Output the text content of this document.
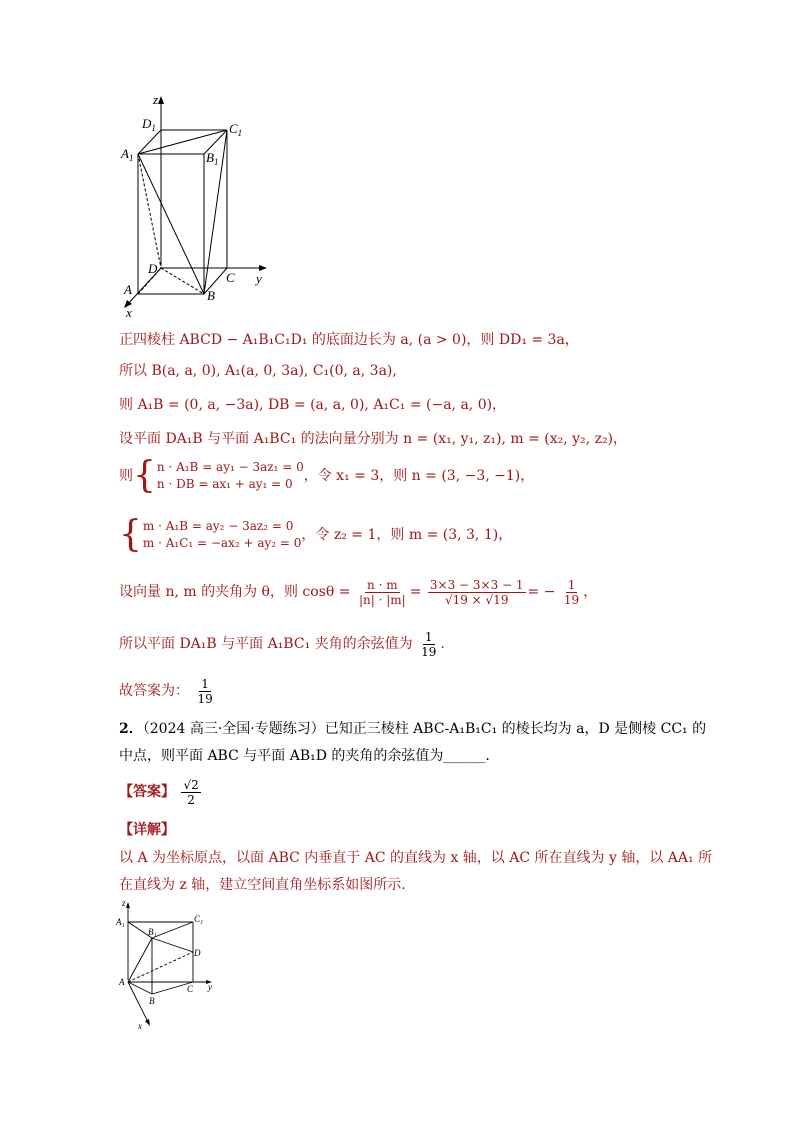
z
$D_1$	$C_1$
$A_1$	$B_1$
D
C y
A	B
x
正四棱柱 ABCD − A₁B₁C₁D₁ 的底面边长为 a, (a > 0)，则 DD₁ = 3a，
所以 B(a, a, 0), A₁(a, 0, 3a), C₁(0, a, 3a),
则 A₁B = (0, a, −3a), DB = (a, a, 0), A₁C₁ = (−a, a, 0)，
设平面 DA₁B 与平面 A₁BC₁ 的法向量分别为 n = (x₁, y₁, z₁), m = (x₂, y₂, z₂)，
则{ n · A₁B = ay₁ − 3az₁ = 0
n · DB = ax₁ + ay₁ = 0 ，令 x₁ = 3，则 n = (3, −3, −1)，
{ m · A₁B = ay₂ − 3az₂ = 0
m · A₁C₁ = −ax₂ + ay₂ = 0 ，令 z₂ = 1，则 m = (3, 3, 1)，
设向量 n, m 的夹角为 θ，则 $\cos\theta = \frac{n \cdot m}{|n| \cdot |m|} = \frac{3\times 3 - 3\times 3 - 1}{√19 \times √19}$ = − $\frac{1}{19}$ ，
所以平面 DA₁B 与平面 A₁BC₁ 夹角的余弦值为 $\frac{1}{19}$ .
故答案为： $\frac{1}{19}$
2．（2024 高三·全国·专题练习）已知正三棱柱 ABC-A₁B₁C₁ 的棱长均为 a，D 是侧棱 CC₁ 的
中点，则平面 ABC 与平面 AB₁D 的夹角的余弦值为______.
【答案】 $\frac{√2}{2}$
【详解】
以 A 为坐标原点，以面 ABC 内垂直于 AC 的直线为 x 轴，以 AC 所在直线为 y 轴，以 AA₁ 所
在直线为 z 轴，建立空间直角坐标系如图所示.
z
A₁	C₁
B₁
D
A
C y
B
x
